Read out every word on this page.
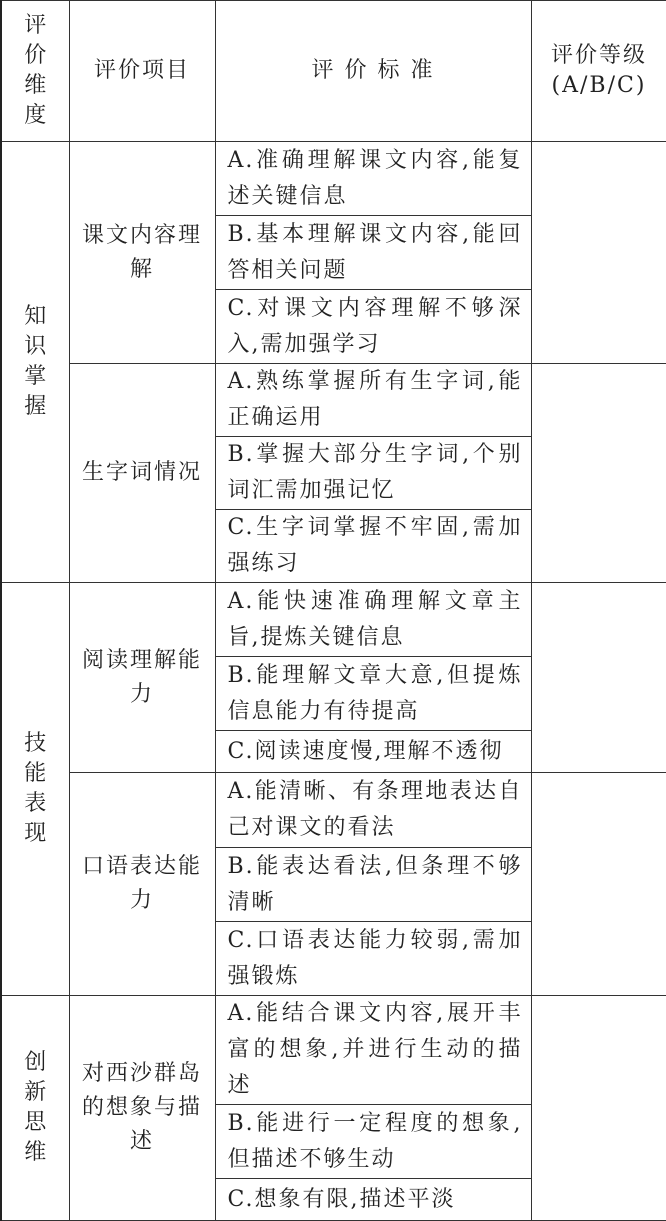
评价维度	评价项目	评 价 标 准	评价等级
(A/B/C)

知识掌握	课文内容理解	A.准确理解课文内容,能复述关键信息	

		B.基本理解课文内容,能回答相关问题	

		C.对课文内容理解不够深入,需加强学习	

	生字词情况	A.熟练掌握所有生字词,能正确运用	

		B.掌握大部分生字词,个别词汇需加强记忆	

		C.生字词掌握不牢固,需加强练习	

技能表现	阅读理解能力	A.能快速准确理解文章主旨,提炼关键信息	

		B.能理解文章大意,但提炼信息能力有待提高	

		C.阅读速度慢,理解不透彻	

	口语表达能力	A.能清晰、有条理地表达自己对课文的看法	

		B.能表达看法,但条理不够清晰	

		C.口语表达能力较弱,需加强锻炼	

创新思维	对西沙群岛的想象与描述	A.能结合课文内容,展开丰富的想象,并进行生动的描述	

		B.能进行一定程度的想象,但描述不够生动	

		C.想象有限,描述平淡	
